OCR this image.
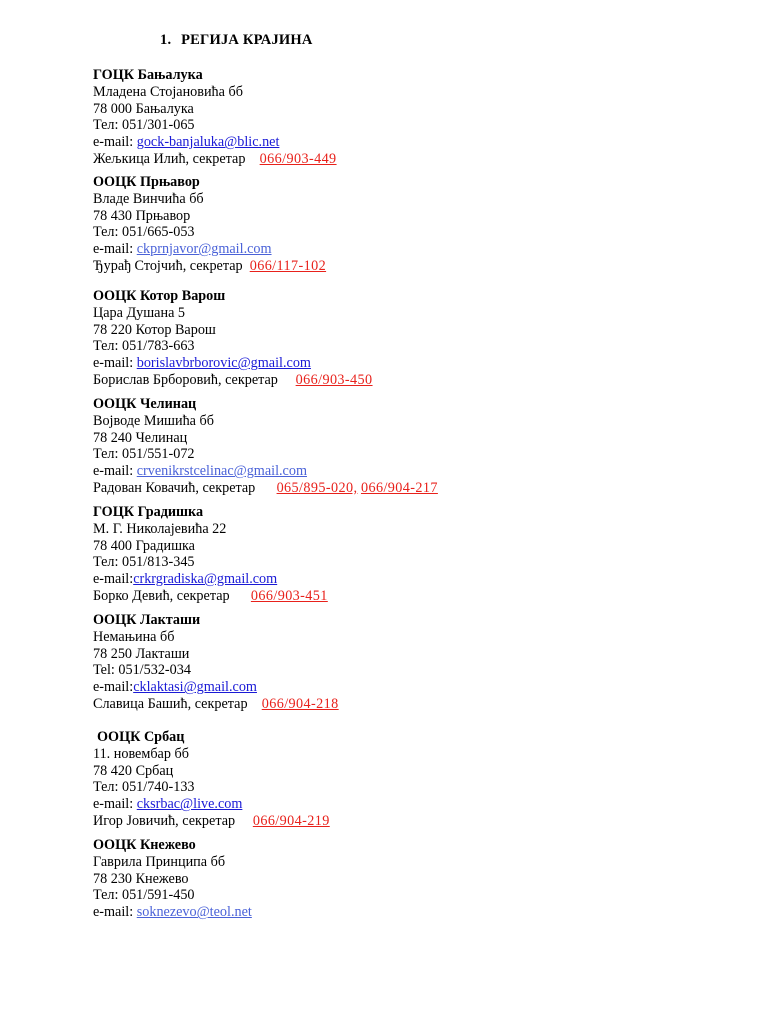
1. РЕГИЈА КРАЈИНА
ГОЦК Бањалука
Младена Стојановића бб
78 000 Бањалука
Тел: 051/301-065
e-mail: gock-banjaluka@blic.net
Жељкица Илић, секретар 066/903-449
ООЦК Прњавор
Владе Винчића бб
78 430 Прњавор
Тел: 051/665-053
e-mail: ckprnjavor@gmail.com
Ђурађ Стојчић, секретар 066/117-102
ООЦК Котор Варош
Цара Душана 5
78 220 Котор Варош
Тел: 051/783-663
e-mail: borislavbrborovic@gmail.com
Борислав Брборовић, секретар 066/903-450
ООЦК Челинац
Војводе Мишића бб
78 240 Челинац
Тел: 051/551-072
e-mail: crvenikrstcelinac@gmail.com
Радован Ковачић, секретар 065/895-020, 066/904-217
ГОЦК Градишка
М. Г. Николајевића 22
78 400 Градишка
Тел: 051/813-345
e-mail:crkrgradiska@gmail.com
Борко Девић, секретар 066/903-451
ООЦК Лакташи
Немањина бб
78 250 Лакташи
Tel: 051/532-034
e-mail:cklaktasi@gmail.com
Славица Башић, секретар 066/904-218
ООЦК Србац
11. новембар бб
78 420 Србац
Тел: 051/740-133
e-mail: cksrbac@live.com
Игор Јовичић, секретар 066/904-219
ООЦК Кнежево
Гаврила Принципа бб
78 230 Кнежево
Тел: 051/591-450
e-mail: soknezevo@teol.net
